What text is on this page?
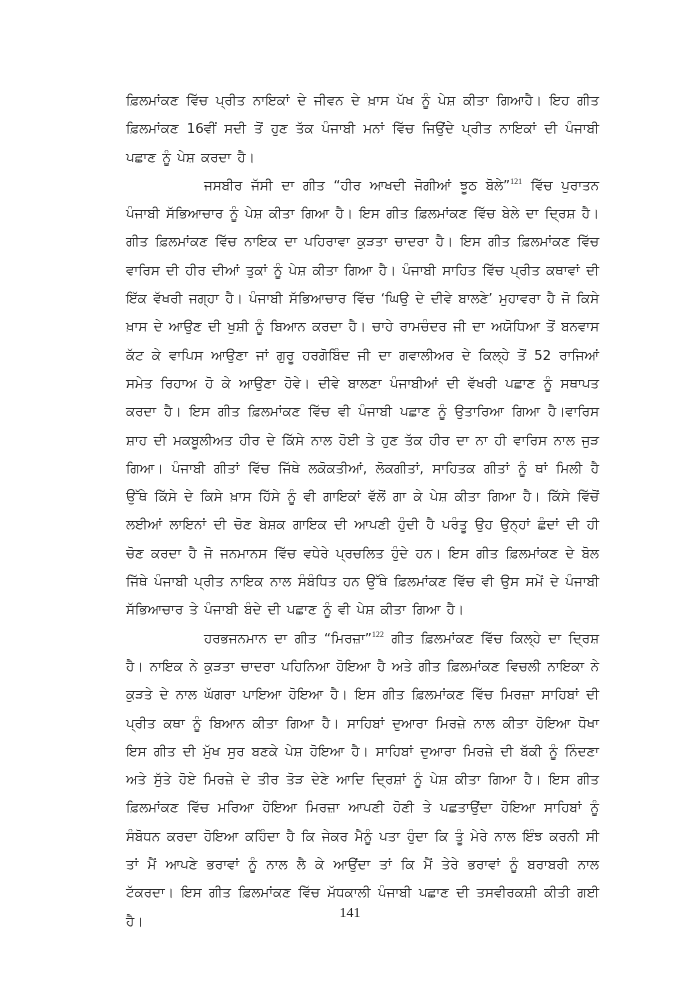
ਫ਼ਿਲਮਾਂਕਣ ਵਿੱਚ ਪ੍ਰੀਤ ਨਾਇਕਾਂ ਦੇ ਜੀਵਨ ਦੇ ਖ਼ਾਸ ਪੱਖ ਨੂੰ ਪੇਸ਼ ਕੀਤਾ ਗਿਆਹੈ। ਇਹ ਗੀਤ ਫ਼ਿਲਮਾਂਕਣ 16ਵੀਂ ਸਦੀ ਤੋਂ ਹੁਣ ਤੱਕ ਪੰਜਾਬੀ ਮਨਾਂ ਵਿੱਚ ਜਿਉਂਦੇ ਪ੍ਰੀਤ ਨਾਇਕਾਂ ਦੀ ਪੰਜਾਬੀ ਪਛਾਣ ਨੂੰ ਪੇਸ਼ ਕਰਦਾ ਹੈ।

ਜਸਬੀਰ ਜੱਸੀ ਦਾ ਗੀਤ “ਹੀਰ ਆਖਦੀ ਜੋਗੀਆਂ ਝੂਠ ਬੋਲੇ”$^{121}$ ਵਿੱਚ ਪੁਰਾਤਨ ਪੰਜਾਬੀ ਸੱਭਿਆਚਾਰ ਨੂੰ ਪੇਸ਼ ਕੀਤਾ ਗਿਆ ਹੈ। ਇਸ ਗੀਤ ਫ਼ਿਲਮਾਂਕਣ ਵਿੱਚ ਬੇਲੇ ਦਾ ਦ੍ਰਿਸ਼ ਹੈ। ਗੀਤ ਫ਼ਿਲਮਾਂਕਣ ਵਿੱਚ ਨਾਇਕ ਦਾ ਪਹਿਰਾਵਾ ਕੁੜਤਾ ਚਾਦਰਾ ਹੈ। ਇਸ ਗੀਤ ਫ਼ਿਲਮਾਂਕਣ ਵਿੱਚ ਵਾਰਿਸ ਦੀ ਹੀਰ ਦੀਆਂ ਤੁਕਾਂ ਨੂੰ ਪੇਸ਼ ਕੀਤਾ ਗਿਆ ਹੈ। ਪੰਜਾਬੀ ਸਾਹਿਤ ਵਿੱਚ ਪ੍ਰੀਤ ਕਥਾਵਾਂ ਦੀ ਇੱਕ ਵੱਖਰੀ ਜਗ੍ਹਾ ਹੈ। ਪੰਜਾਬੀ ਸੱਭਿਆਚਾਰ ਵਿੱਚ ‘ਘਿਉ ਦੇ ਦੀਵੇ ਬਾਲਣੇ’ ਮੁਹਾਵਰਾ ਹੈ ਜੋ ਕਿਸੇ ਖ਼ਾਸ ਦੇ ਆਉਣ ਦੀ ਖੁਸ਼ੀ ਨੂੰ ਬਿਆਨ ਕਰਦਾ ਹੈ। ਚਾਹੇ ਰਾਮਚੰਦਰ ਜੀ ਦਾ ਅਯੋਧਿਆ ਤੋਂ ਬਨਵਾਸ ਕੱਟ ਕੇ ਵਾਪਿਸ ਆਉਣਾ ਜਾਂ ਗੁਰੂ ਹਰਗੋਬਿੰਦ ਜੀ ਦਾ ਗਵਾਲੀਅਰ ਦੇ ਕਿਲ੍ਹੇ ਤੋਂ 52 ਰਾਜਿਆਂ ਸਮੇਤ ਰਿਹਾਅ ਹੋ ਕੇ ਆਉਣਾ ਹੋਵੇ। ਦੀਵੇ ਬਾਲਣਾ ਪੰਜਾਬੀਆਂ ਦੀ ਵੱਖਰੀ ਪਛਾਣ ਨੂੰ ਸਥਾਪਤ ਕਰਦਾ ਹੈ। ਇਸ ਗੀਤ ਫ਼ਿਲਮਾਂਕਣ ਵਿੱਚ ਵੀ ਪੰਜਾਬੀ ਪਛਾਣ ਨੂੰ ਉਤਾਰਿਆ ਗਿਆ ਹੈ।ਵਾਰਿਸ ਸ਼ਾਹ ਦੀ ਮਕਬੂਲੀਅਤ ਹੀਰ ਦੇ ਕਿੱਸੇ ਨਾਲ ਹੋਈ ਤੇ ਹੁਣ ਤੱਕ ਹੀਰ ਦਾ ਨਾ ਹੀ ਵਾਰਿਸ ਨਾਲ ਜੁੜ ਗਿਆ। ਪੰਜਾਬੀ ਗੀਤਾਂ ਵਿੱਚ ਜਿੱਥੇ ਲਕੋਕਤੀਆਂ, ਲੋਕਗੀਤਾਂ, ਸਾਹਿਤਕ ਗੀਤਾਂ ਨੂੰ ਥਾਂ ਮਿਲੀ ਹੈ ਉੱਥੇ ਕਿੱਸੇ ਦੇ ਕਿਸੇ ਖ਼ਾਸ ਹਿੱਸੇ ਨੂੰ ਵੀ ਗਾਇਕਾਂ ਵੱਲੋਂ ਗਾ ਕੇ ਪੇਸ਼ ਕੀਤਾ ਗਿਆ ਹੈ। ਕਿੱਸੇ ਵਿੱਚੋਂ ਲਈਆਂ ਲਾਇਨਾਂ ਦੀ ਚੋਣ ਬੇਸ਼ਕ ਗਾਇਕ ਦੀ ਆਪਣੀ ਹੁੰਦੀ ਹੈ ਪਰੰਤੂ ਉਹ ਉਨ੍ਹਾਂ ਛੰਦਾਂ ਦੀ ਹੀ ਚੋਣ ਕਰਦਾ ਹੈ ਜੋ ਜਨਮਾਨਸ ਵਿੱਚ ਵਧੇਰੇ ਪ੍ਰਚਲਿਤ ਹੁੰਦੇ ਹਨ। ਇਸ ਗੀਤ ਫ਼ਿਲਮਾਂਕਣ ਦੇ ਬੋਲ ਜਿੱਥੇ ਪੰਜਾਬੀ ਪ੍ਰੀਤ ਨਾਇਕ ਨਾਲ ਸੰਬੰਧਿਤ ਹਨ ਉੱਥੇ ਫ਼ਿਲਮਾਂਕਣ ਵਿੱਚ ਵੀ ਉਸ ਸਮੇਂ ਦੇ ਪੰਜਾਬੀ ਸੱਭਿਆਚਾਰ ਤੇ ਪੰਜਾਬੀ ਬੰਦੇ ਦੀ ਪਛਾਣ ਨੂੰ ਵੀ ਪੇਸ਼ ਕੀਤਾ ਗਿਆ ਹੈ।

ਹਰਭਜਨਮਾਨ ਦਾ ਗੀਤ “ਮਿਰਜ਼ਾ”$^{122}$ ਗੀਤ ਫ਼ਿਲਮਾਂਕਣ ਵਿੱਚ ਕਿਲ੍ਹੇ ਦਾ ਦ੍ਰਿਸ਼ ਹੈ। ਨਾਇਕ ਨੇ ਕੁੜਤਾ ਚਾਦਰਾ ਪਹਿਨਿਆ ਹੋਇਆ ਹੈ ਅਤੇ ਗੀਤ ਫ਼ਿਲਮਾਂਕਣ ਵਿਚਲੀ ਨਾਇਕਾ ਨੇ ਕੁੜਤੇ ਦੇ ਨਾਲ ਘੱਗਰਾ ਪਾਇਆ ਹੋਇਆ ਹੈ। ਇਸ ਗੀਤ ਫ਼ਿਲਮਾਂਕਣ ਵਿੱਚ ਮਿਰਜ਼ਾ ਸਾਹਿਬਾਂ ਦੀ ਪ੍ਰੀਤ ਕਥਾ ਨੂੰ ਬਿਆਨ ਕੀਤਾ ਗਿਆ ਹੈ। ਸਾਹਿਬਾਂ ਦੁਆਰਾ ਮਿਰਜ਼ੇ ਨਾਲ ਕੀਤਾ ਹੋਇਆ ਧੋਖਾ ਇਸ ਗੀਤ ਦੀ ਮੁੱਖ ਸੁਰ ਬਣਕੇ ਪੇਸ਼ ਹੋਇਆ ਹੈ। ਸਾਹਿਬਾਂ ਦੁਆਰਾ ਮਿਰਜ਼ੇ ਦੀ ਬੱਕੀ ਨੂੰ ਨਿੰਦਣਾ ਅਤੇ ਸੁੱਤੇ ਹੋਏ ਮਿਰਜ਼ੇ ਦੇ ਤੀਰ ਤੋੜ ਦੇਣੇ ਆਦਿ ਦ੍ਰਿਸ਼ਾਂ ਨੂੰ ਪੇਸ਼ ਕੀਤਾ ਗਿਆ ਹੈ। ਇਸ ਗੀਤ ਫ਼ਿਲਮਾਂਕਣ ਵਿੱਚ ਮਰਿਆ ਹੋਇਆ ਮਿਰਜ਼ਾ ਆਪਣੀ ਹੋਣੀ ਤੇ ਪਛਤਾਉਂਦਾ ਹੋਇਆ ਸਾਹਿਬਾਂ ਨੂੰ ਸੰਬੋਧਨ ਕਰਦਾ ਹੋਇਆ ਕਹਿੰਦਾ ਹੈ ਕਿ ਜੇਕਰ ਮੈਨੂੰ ਪਤਾ ਹੁੰਦਾ ਕਿ ਤੂੰ ਮੇਰੇ ਨਾਲ ਇੰਝ ਕਰਨੀ ਸੀ ਤਾਂ ਮੈਂ ਆਪਣੇ ਭਰਾਵਾਂ ਨੂੰ ਨਾਲ ਲੈ ਕੇ ਆਉਂਦਾ ਤਾਂ ਕਿ ਮੈਂ ਤੇਰੇ ਭਰਾਵਾਂ ਨੂੰ ਬਰਾਬਰੀ ਨਾਲ ਟੱਕਰਦਾ। ਇਸ ਗੀਤ ਫ਼ਿਲਮਾਂਕਣ ਵਿੱਚ ਮੱਧਕਾਲੀ ਪੰਜਾਬੀ ਪਛਾਣ ਦੀ ਤਸਵੀਰਕਸ਼ੀ ਕੀਤੀ ਗਈ ਹੈ।

141
